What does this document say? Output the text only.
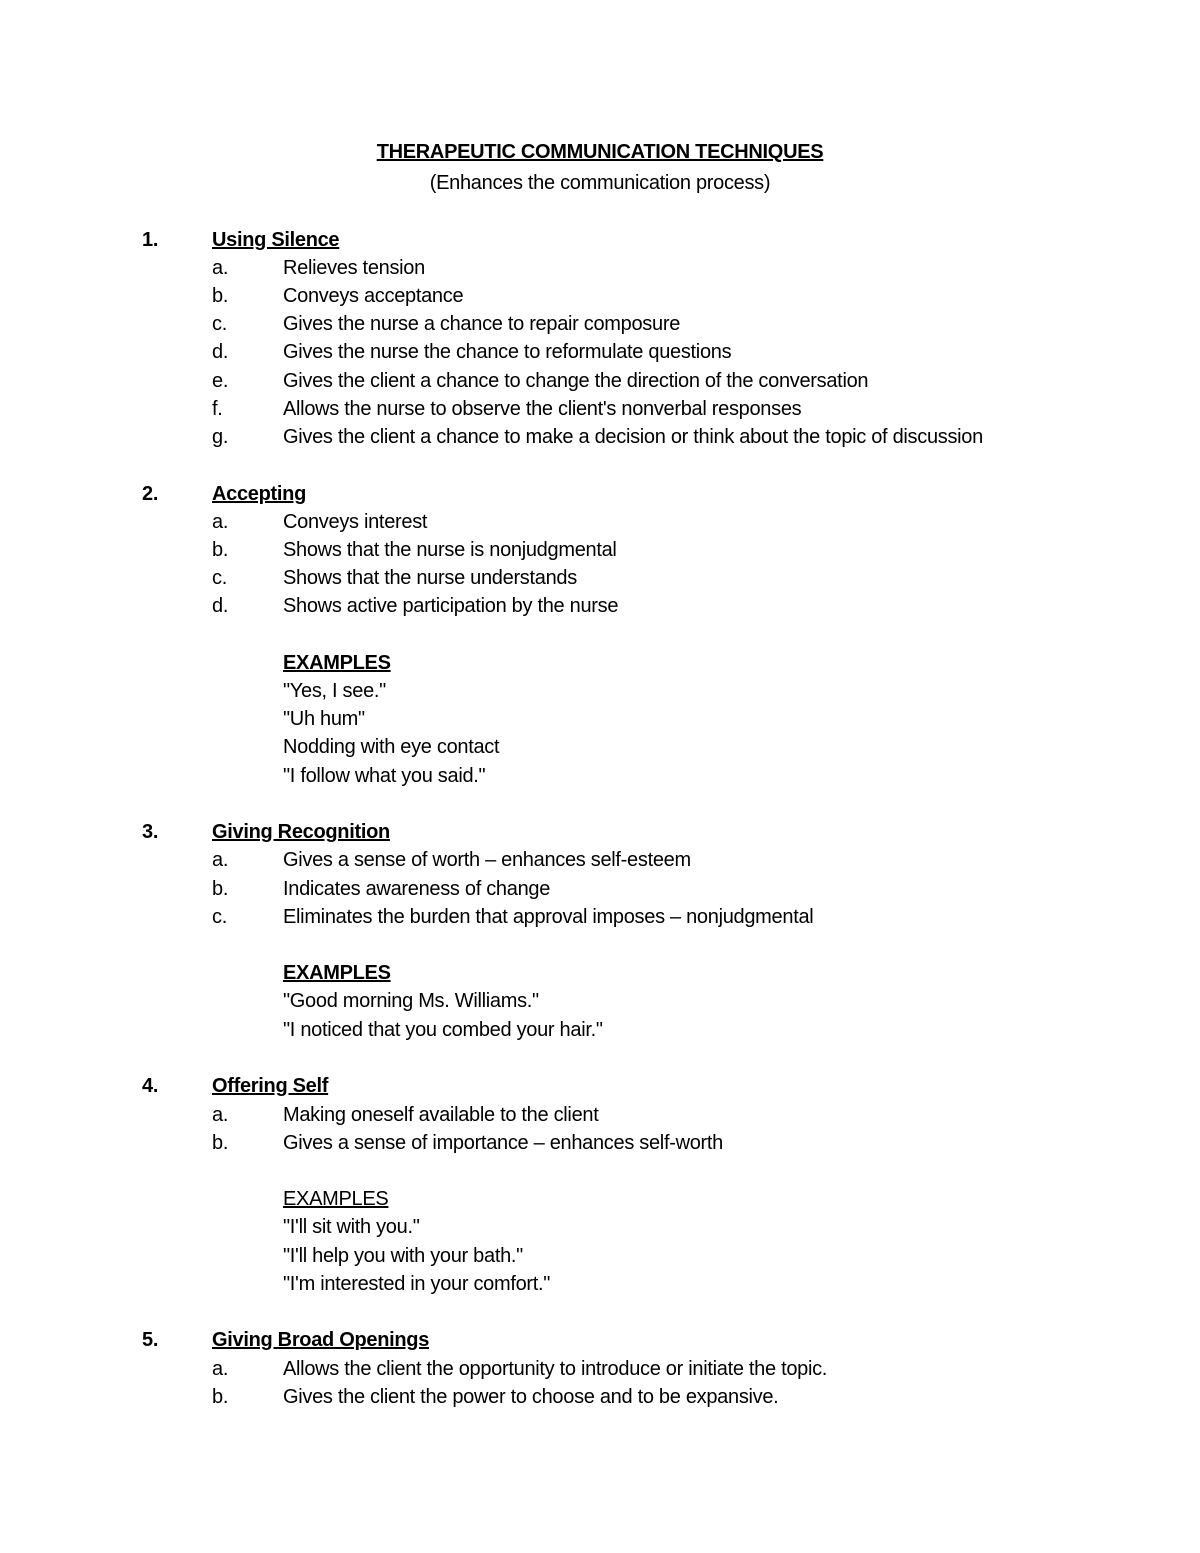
THERAPEUTIC COMMUNICATION TECHNIQUES
(Enhances the communication process)
1.	Using Silence
a.	Relieves tension
b.	Conveys acceptance
c.	Gives the nurse a chance to repair composure
d.	Gives the nurse the chance to reformulate questions
e.	Gives the client a chance to change the direction of the conversation
f.	Allows the nurse to observe the client's nonverbal responses
g.	Gives the client a chance to make a decision or think about the topic of discussion
2.	Accepting
a.	Conveys interest
b.	Shows that the nurse is nonjudgmental
c.	Shows that the nurse understands
d.	Shows active participation by the nurse
EXAMPLES
"Yes, I see."
"Uh hum"
Nodding with eye contact
"I follow what you said."
3.	Giving Recognition
a.	Gives a sense of worth – enhances self-esteem
b.	Indicates awareness of change
c.	Eliminates the burden that approval imposes – nonjudgmental
EXAMPLES
"Good morning Ms. Williams."
"I noticed that you combed your hair."
4.	Offering Self
a.	Making oneself available to the client
b.	Gives a sense of importance – enhances self-worth
EXAMPLES
"I'll sit with you."
"I'll help you with your bath."
"I'm interested in your comfort."
5.	Giving Broad Openings
a.	Allows the client the opportunity to introduce or initiate the topic.
b.	Gives the client the power to choose and to be expansive.
